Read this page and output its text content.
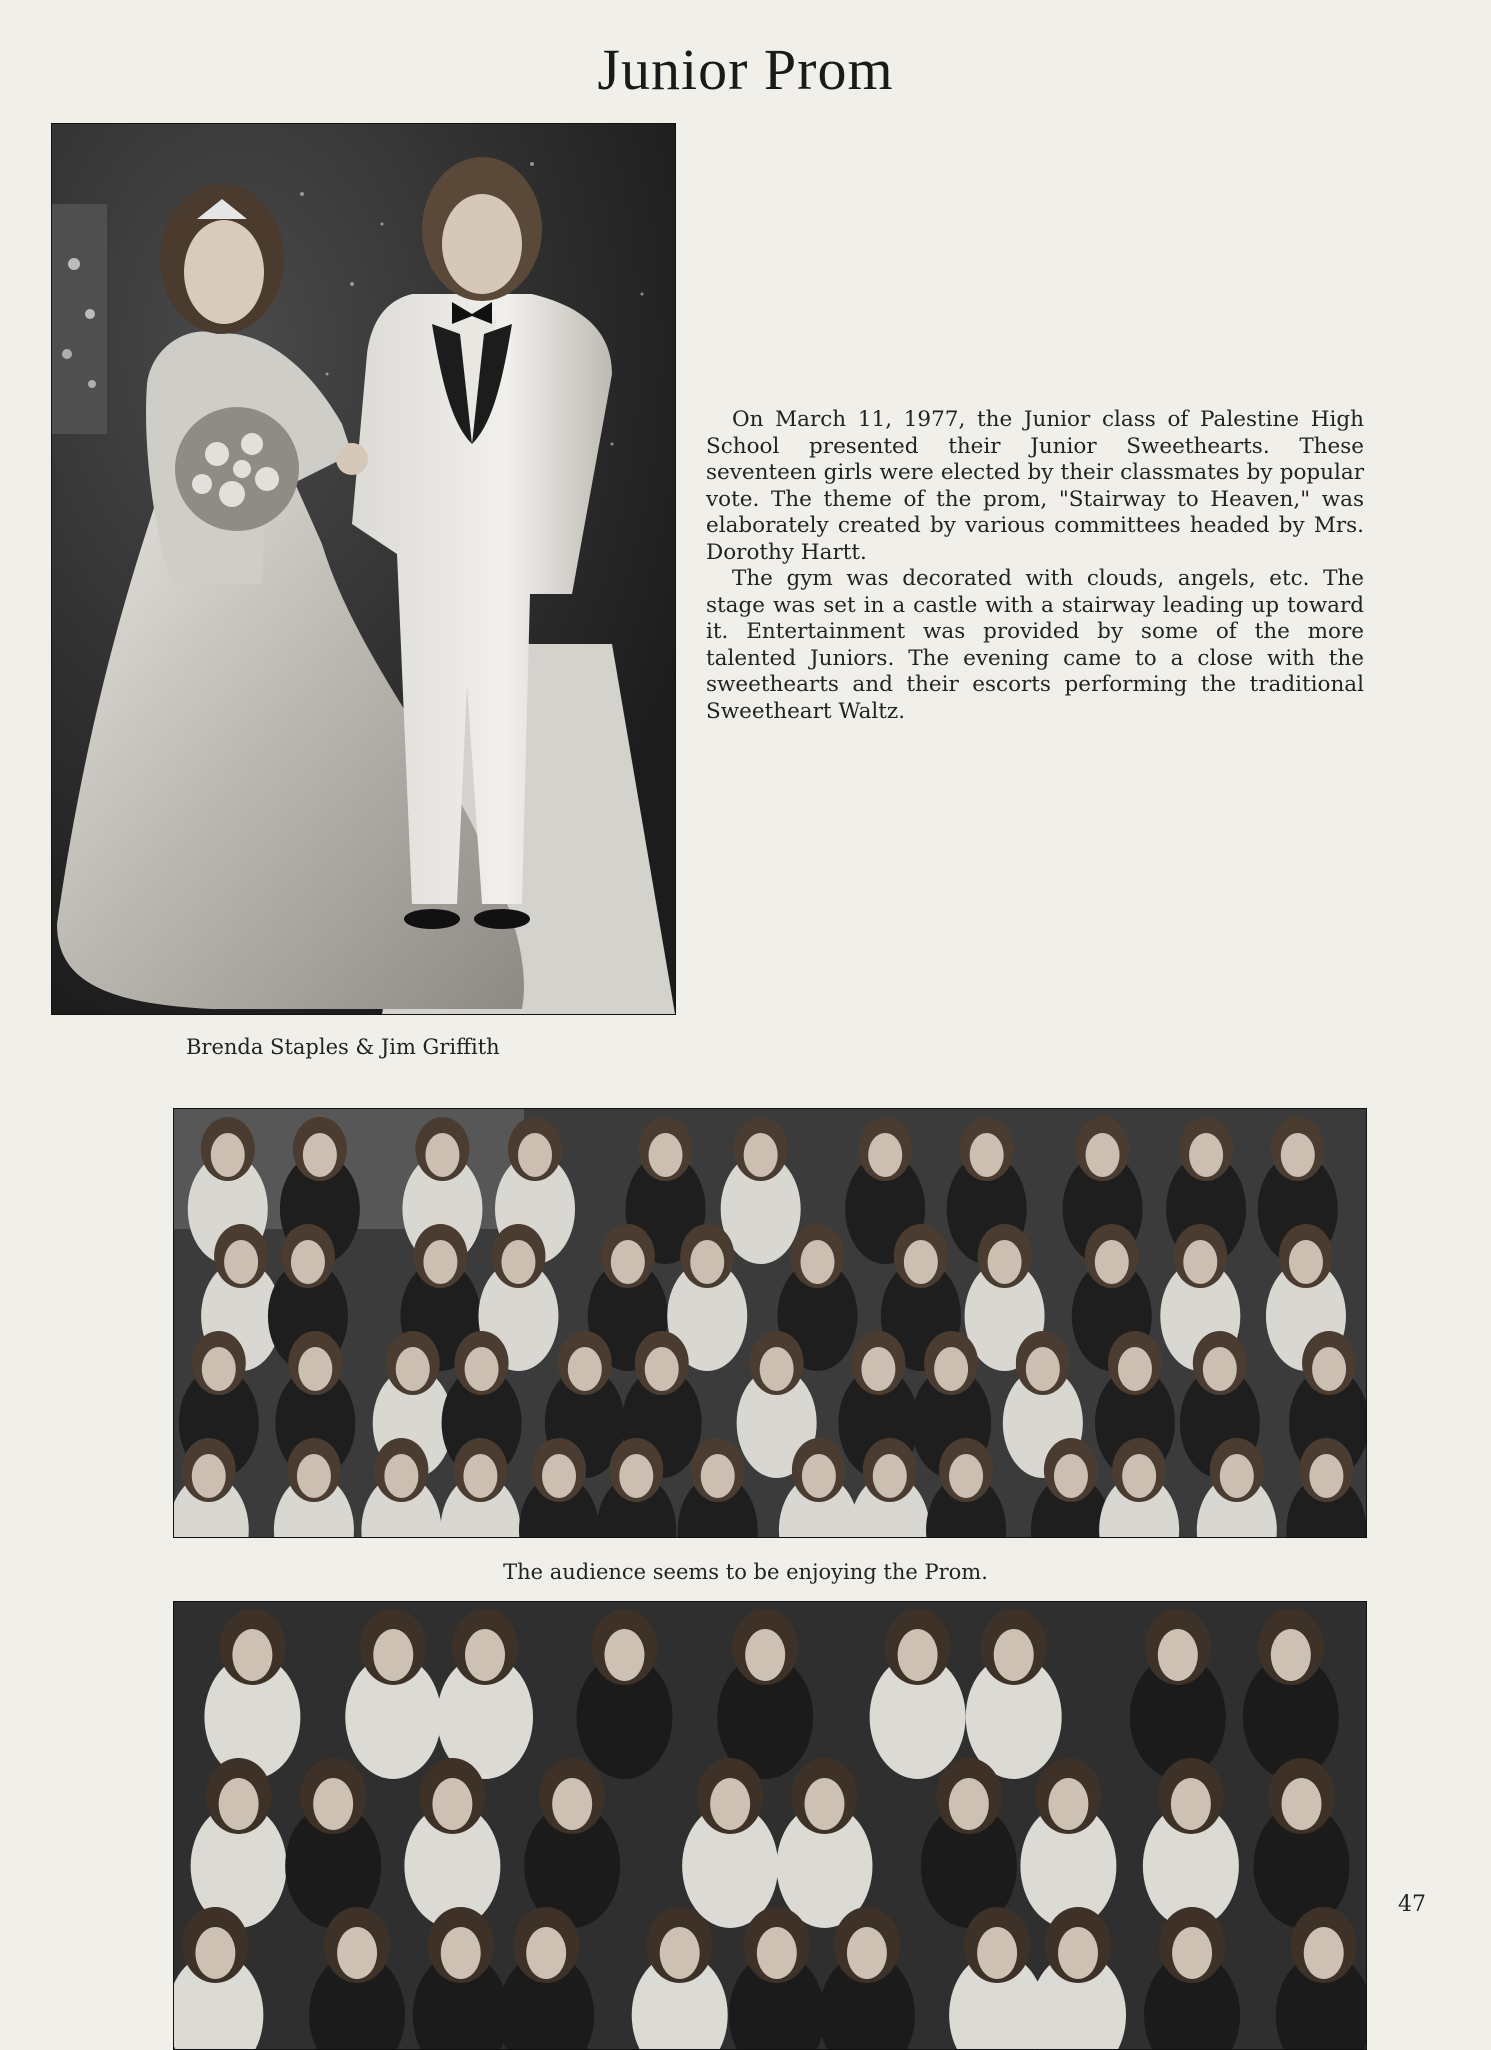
Junior Prom
Brenda Staples & Jim Griffith

On March 11, 1977, the Junior class of Palestine High School presented their Junior Sweethearts. These seventeen girls were elected by their classmates by popular vote. The theme of the prom, "Stairway to Heaven," was elaborately created by various committees headed by Mrs. Dorothy Hartt.

The gym was decorated with clouds, angels, etc. The stage was set in a castle with a stairway leading up toward it. Entertainment was provided by some of the more talented Juniors. The evening came to a close with the sweethearts and their escorts performing the traditional Sweetheart Waltz.

The audience seems to be enjoying the Prom.
47
